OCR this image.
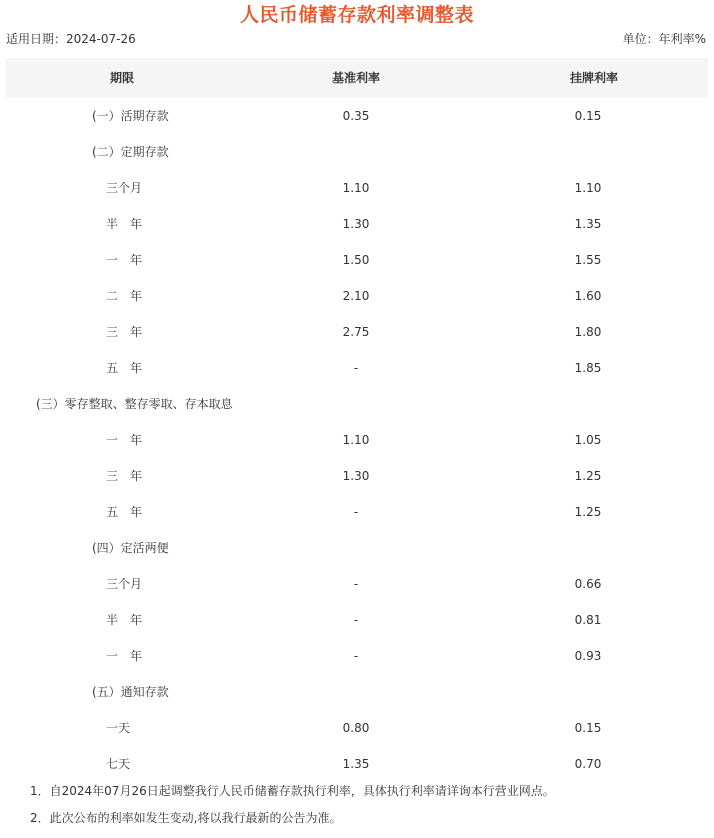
人民币储蓄存款利率调整表
适用日期：2024-07-26	单位：年利率%
期限	基准利率	挂牌利率
(一）活期存款	0.35	0.15
(二）定期存款
三个月	1.10	1.10
半　年	1.30	1.35
一　年	1.50	1.55
二　年	2.10	1.60
三　年	2.75	1.80
五　年	-	1.85
(三）零存整取、整存零取、存本取息
一　年	1.10	1.05
三　年	1.30	1.25
五　年	-	1.25
(四）定活两便
三个月	-	0.66
半　年	-	0.81
一　年	-	0.93
(五）通知存款
一天	0.80	0.15
七天	1.35	0.70
1．自2024年07月26日起调整我行人民币储蓄存款执行利率，具体执行利率请详询本行营业网点。
2．此次公布的利率如发生变动,将以我行最新的公告为准。
